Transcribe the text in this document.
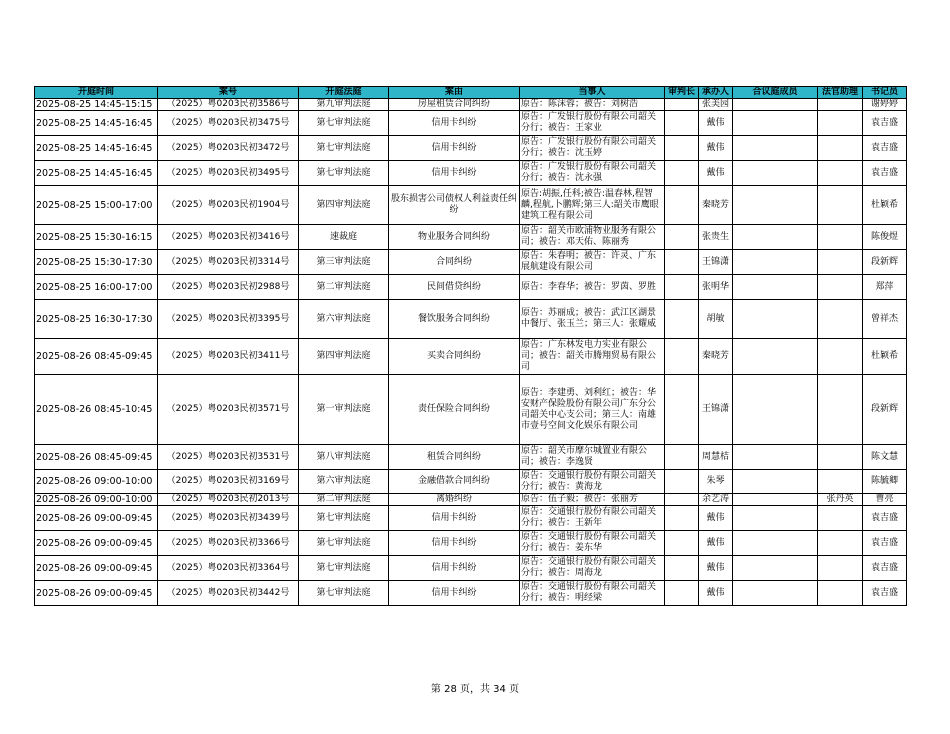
开庭时间	案号	开庭法庭	案由	当事人	审判长	承办人	合议庭成员	法官助理	书记员
2025-08-25 14:45-15:15	（2025）粤0203民初3586号	第九审判法庭	房屋租赁合同纠纷	原告：陈沫蓉；被告：刘树浩		张美园			谢婷婷
2025-08-25 14:45-16:45	（2025）粤0203民初3475号	第七审判法庭	信用卡纠纷	原告：广发银行股份有限公司韶关分行；被告：王家业		戴伟			袁吉盛
2025-08-25 14:45-16:45	（2025）粤0203民初3472号	第七审判法庭	信用卡纠纷	原告：广发银行股份有限公司韶关分行；被告：沈玉婷		戴伟			袁吉盛
2025-08-25 14:45-16:45	（2025）粤0203民初3495号	第七审判法庭	信用卡纠纷	原告：广发银行股份有限公司韶关分行；被告：沈永强		戴伟			袁吉盛
2025-08-25 15:00-17:00	（2025）粤0203民初1904号	第四审判法庭	股东损害公司债权人利益责任纠纷	原告:胡振,任科;被告:温春林,程智麟,程航,卜鹏辉;第三人:韶关市鹰眼建筑工程有限公司		秦晓芳			杜颖希
2025-08-25 15:30-16:15	（2025）粤0203民初3416号	速裁庭	物业服务合同纠纷	原告：韶关市欧浦物业服务有限公司；被告：邓天佑、陈丽秀		张贵生			陈俊煜
2025-08-25 15:30-17:30	（2025）粤0203民初3314号	第三审判法庭	合同纠纷	原告：朱春明；被告：许灵、广东展航建设有限公司		王锦潇			段新辉
2025-08-25 16:00-17:00	（2025）粤0203民初2988号	第二审判法庭	民间借贷纠纷	原告：李春华；被告：罗茵、罗胜		张明华			郑萍
2025-08-25 16:30-17:30	（2025）粤0203民初3395号	第六审判法庭	餐饮服务合同纠纷	原告：苏丽成；被告：武江区湖景中餐厅、张玉兰；第三人：张耀威		胡敏			曾祥杰
2025-08-26 08:45-09:45	（2025）粤0203民初3411号	第四审判法庭	买卖合同纠纷	原告：广东林发电力实业有限公司；被告：韶关市腾翔贸易有限公司		秦晓芳			杜颖希
2025-08-26 08:45-10:45	（2025）粤0203民初3571号	第一审判法庭	责任保险合同纠纷	原告：李建勇、刘利红；被告：华安财产保险股份有限公司广东分公司韶关中心支公司；第三人：南雄市壹号空间文化娱乐有限公司		王锦潇			段新辉
2025-08-26 08:45-09:45	（2025）粤0203民初3531号	第八审判法庭	租赁合同纠纷	原告：韶关市摩尔城置业有限公司；被告：李逸贤		周慧桔			陈文慧
2025-08-26 09:00-10:00	（2025）粤0203民初3169号	第六审判法庭	金融借款合同纠纷	原告：交通银行股份有限公司韶关分行；被告：黄海龙		朱琴			陈毓卿
2025-08-26 09:00-10:00	（2025）粤0203民初2013号	第二审判法庭	离婚纠纷	原告：伍子毅；被告：张丽芳		余艺涛		张丹英	曹亮
2025-08-26 09:00-09:45	（2025）粤0203民初3439号	第七审判法庭	信用卡纠纷	原告：交通银行股份有限公司韶关分行；被告：王新年		戴伟			袁吉盛
2025-08-26 09:00-09:45	（2025）粤0203民初3366号	第七审判法庭	信用卡纠纷	原告：交通银行股份有限公司韶关分行；被告：姜东华		戴伟			袁吉盛
2025-08-26 09:00-09:45	（2025）粤0203民初3364号	第七审判法庭	信用卡纠纷	原告：交通银行股份有限公司韶关分行；被告：周海龙		戴伟			袁吉盛
2025-08-26 09:00-09:45	（2025）粤0203民初3442号	第七审判法庭	信用卡纠纷	原告：交通银行股份有限公司韶关分行；被告：明经梁		戴伟			袁吉盛
第 28 页，共 34 页
